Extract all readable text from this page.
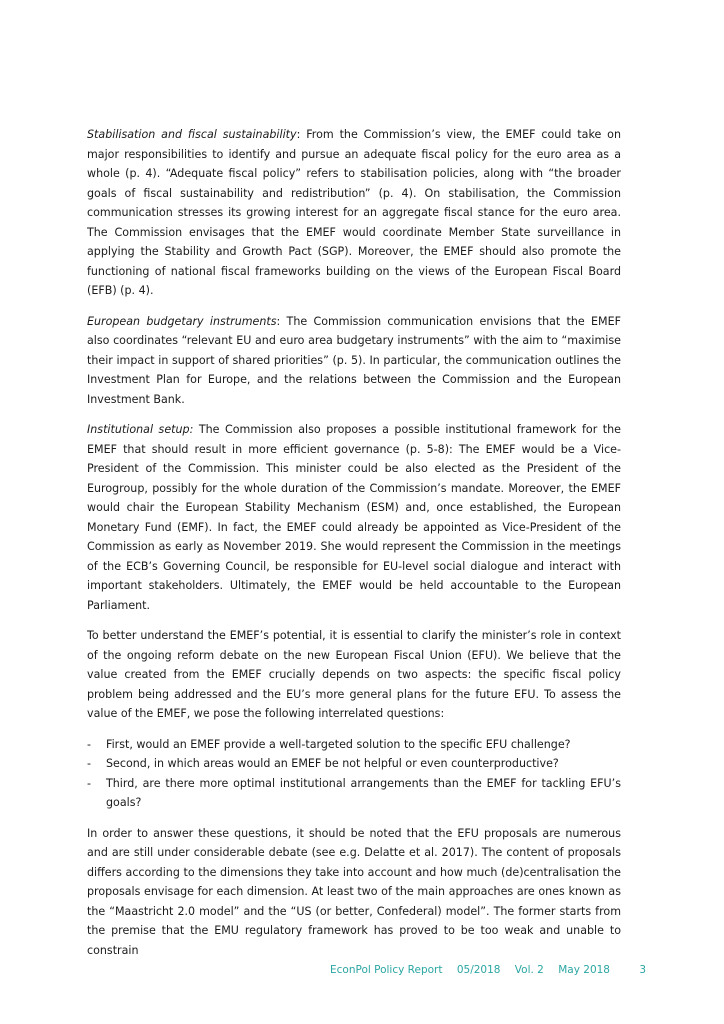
Stabilisation and fiscal sustainability: From the Commission’s view, the EMEF could take on major responsibilities to identify and pursue an adequate fiscal policy for the euro area as a whole (p. 4). “Adequate fiscal policy” refers to stabilisation policies, along with “the broader goals of fiscal sustainability and redistribution” (p. 4). On stabilisation, the Commission communication stresses its growing interest for an aggregate fiscal stance for the euro area. The Commission envisages that the EMEF would coordinate Member State surveillance in applying the Stability and Growth Pact (SGP). Moreover, the EMEF should also promote the functioning of national fiscal frameworks building on the views of the European Fiscal Board (EFB) (p. 4).

European budgetary instruments: The Commission communication envisions that the EMEF also coordinates “relevant EU and euro area budgetary instruments” with the aim to “maximise their impact in support of shared priorities” (p. 5). In particular, the communication outlines the Investment Plan for Europe, and the relations between the Commission and the European Investment Bank.

Institutional setup: The Commission also proposes a possible institutional framework for the EMEF that should result in more efficient governance (p. 5-8): The EMEF would be a Vice-President of the Commission. This minister could be also elected as the President of the Eurogroup, possibly for the whole duration of the Commission’s mandate. Moreover, the EMEF would chair the European Stability Mechanism (ESM) and, once established, the European Monetary Fund (EMF). In fact, the EMEF could already be appointed as Vice-President of the Commission as early as November 2019. She would represent the Commission in the meetings of the ECB’s Governing Council, be responsible for EU-level social dialogue and interact with important stakeholders. Ultimately, the EMEF would be held accountable to the European Parliament.

To better understand the EMEF’s potential, it is essential to clarify the minister’s role in context of the ongoing reform debate on the new European Fiscal Union (EFU). We believe that the value created from the EMEF crucially depends on two aspects: the specific fiscal policy problem being addressed and the EU’s more general plans for the future EFU. To assess the value of the EMEF, we pose the following interrelated questions:

- First, would an EMEF provide a well-targeted solution to the specific EFU challenge?
- Second, in which areas would an EMEF be not helpful or even counterproductive?
- Third, are there more optimal institutional arrangements than the EMEF for tackling EFU’s goals?

In order to answer these questions, it should be noted that the EFU proposals are numerous and are still under considerable debate (see e.g. Delatte et al. 2017). The content of proposals differs according to the dimensions they take into account and how much (de)centralisation the proposals envisage for each dimension. At least two of the main approaches are ones known as the “Maastricht 2.0 model” and the “US (or better, Confederal) model”. The former starts from the premise that the EMU regulatory framework has proved to be too weak and unable to constrain

EconPol Policy Report 05/2018 Vol. 2 May 2018	3
